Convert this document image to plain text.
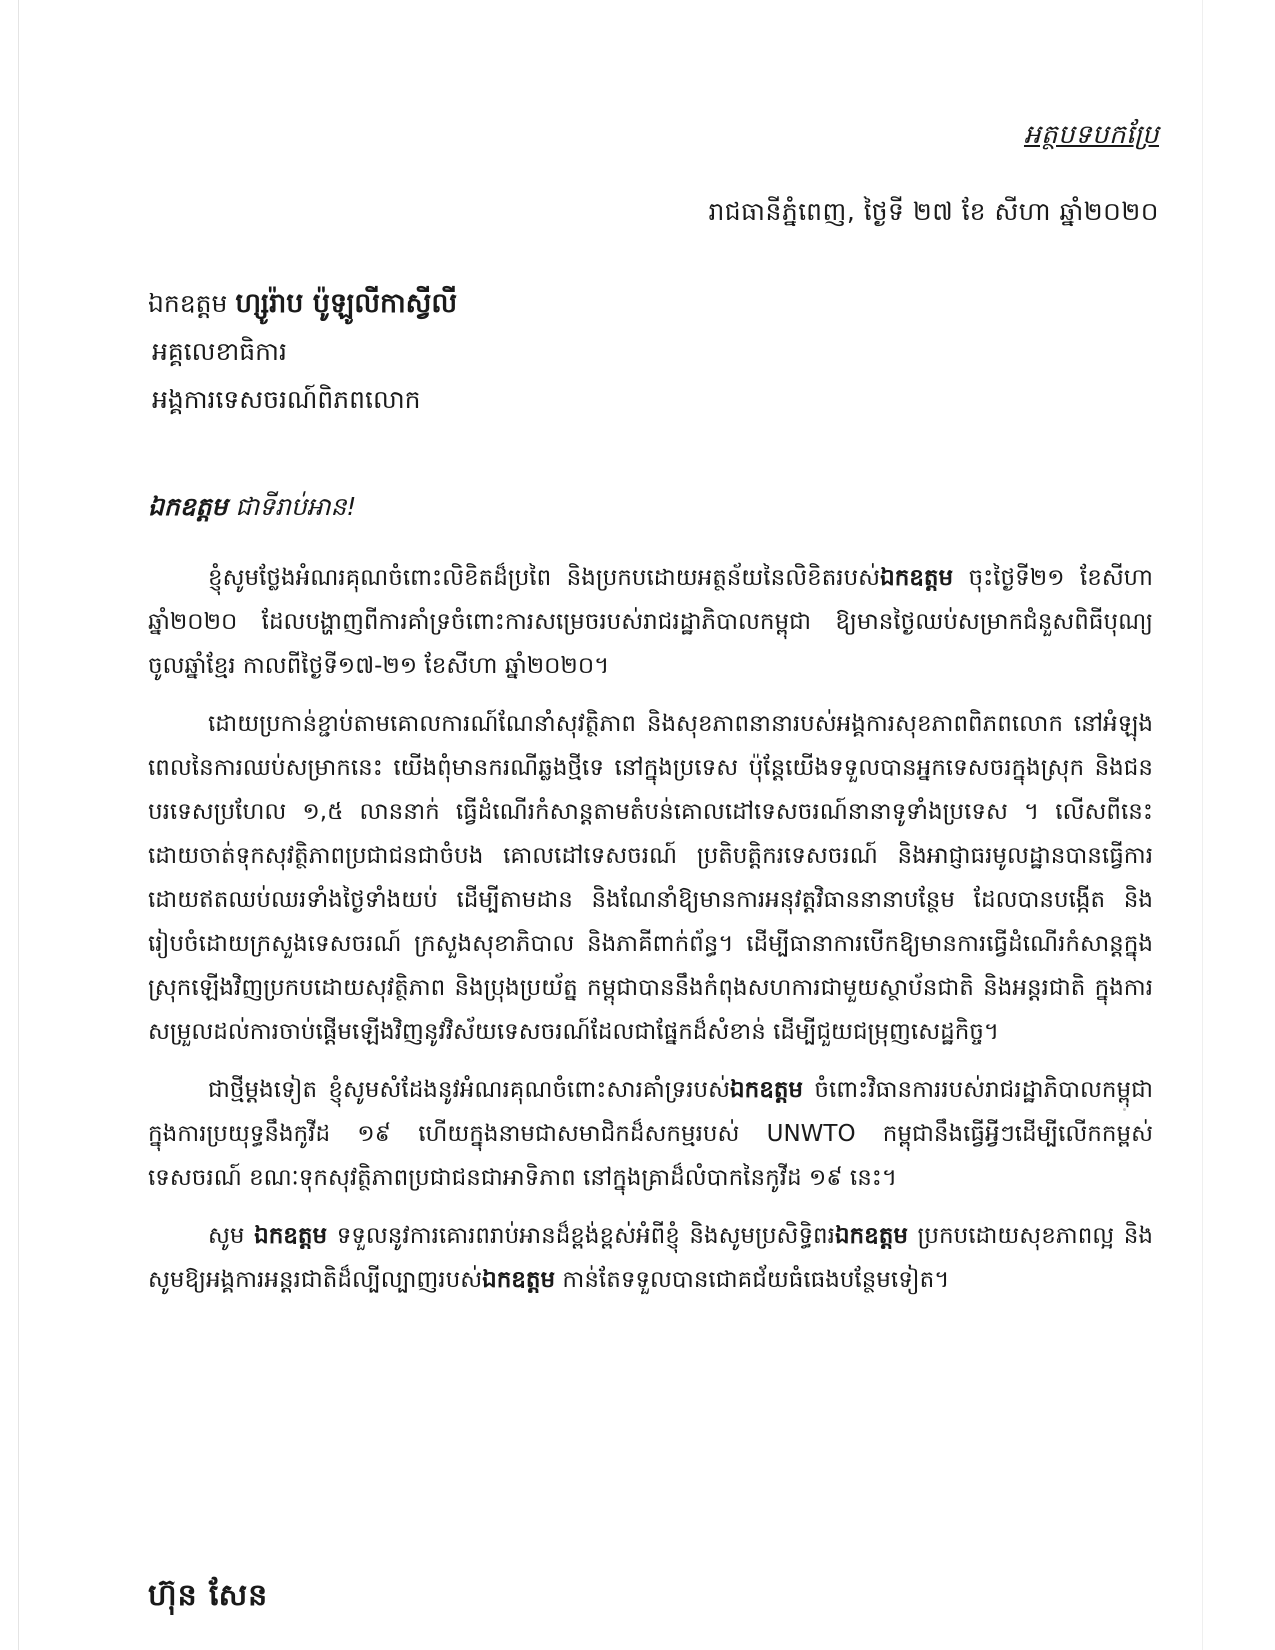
អត្ថបទបកប្រែ
រាជធានីភ្នំពេញ, ថ្ងៃទី ២៧ ខែ សីហា ឆ្នាំ២០២០
ឯកឧត្តម ហ្សូរ៉ាប ប៉ូឡូលីកាស្វីលី
អគ្គលេខាធិការ
អង្គការទេសចរណ៍ពិភពលោក
ឯកឧត្តម ជាទីរាប់អាន!

ខ្ញុំសូមថ្លែងអំណរគុណចំពោះលិខិតដ៏ប្រពៃ និងប្រកបដោយអត្ថន័យនៃលិខិតរបស់ឯកឧត្តម ចុះថ្ងៃទី២១ ខែសីហា ឆ្នាំ២០២០ ដែលបង្ហាញពីការគាំទ្រចំពោះការសម្រេចរបស់រាជរដ្ឋាភិបាលកម្ពុជា ឱ្យមានថ្ងៃឈប់សម្រាកជំនួសពិធីបុណ្យចូលឆ្នាំខ្មែរ កាលពីថ្ងៃទី១៧-២១ ខែសីហា ឆ្នាំ២០២០។

ដោយប្រកាន់ខ្ជាប់តាមគោលការណ៍ណែនាំសុវត្ថិភាព និងសុខភាពនានារបស់អង្គការសុខភាពពិភពលោក នៅអំឡុងពេលនៃការឈប់សម្រាកនេះ យើងពុំមានករណីឆ្លងថ្មីទេ នៅក្នុងប្រទេស ប៉ុន្តែយើងទទួលបានអ្នកទេសចរក្នុងស្រុក និងជនបរទេសប្រហែល ១,៥ លាននាក់ ធ្វើដំណើរកំសាន្តតាមតំបន់គោលដៅទេសចរណ៍នានាទូទាំងប្រទេស ។ លើសពីនេះ ដោយចាត់ទុកសុវត្ថិភាពប្រជាជនជាចំបង គោលដៅទេសចរណ៍ ប្រតិបត្តិករទេសចរណ៍ និងអាជ្ញាធរមូលដ្ឋានបានធ្វើការដោយឥតឈប់ឈរទាំងថ្ងៃទាំងយប់ ដើម្បីតាមដាន និងណែនាំឱ្យមានការអនុវត្តវិធាននានាបន្ថែម ដែលបានបង្កើត និងរៀបចំដោយក្រសួងទេសចរណ៍ ក្រសួងសុខាភិបាល និងភាគីពាក់ព័ន្ធ។ ដើម្បីធានាការបើកឱ្យមានការធ្វើដំណើរកំសាន្តក្នុងស្រុកឡើងវិញប្រកបដោយសុវត្ថិភាព និងប្រុងប្រយ័ត្ន កម្ពុជាបាននឹងកំពុងសហការជាមួយស្ថាប័នជាតិ និងអន្តរជាតិ ក្នុងការសម្រួលដល់ការចាប់ផ្តើមឡើងវិញនូវវិស័យទេសចរណ៍ដែលជាផ្នែកដ៏សំខាន់ ដើម្បីជួយជម្រុញសេដ្ឋកិច្ច។

ជាថ្មីម្តងទៀត ខ្ញុំសូមសំដែងនូវអំណរគុណចំពោះសារគាំទ្ររបស់ឯកឧត្តម ចំពោះវិធានការរបស់រាជរដ្ឋាភិបាលកម្ពុជា ក្នុងការប្រយុទ្ធនឹងកូវីដ ១៩ ហើយក្នុងនាមជាសមាជិកដ៏សកម្មរបស់ UNWTO កម្ពុជានឹងធ្វើអ្វីៗដើម្បីលើកកម្ពស់ទេសចរណ៍ ខណៈទុកសុវត្ថិភាពប្រជាជនជាអាទិភាព នៅក្នុងគ្រាដ៏លំបាកនៃកូវីដ ១៩ នេះ។

សូម ឯកឧត្តម ទទួលនូវការគោរពរាប់អានដ៏ខ្ពង់ខ្ពស់អំពីខ្ញុំ និងសូមប្រសិទ្ធិពរឯកឧត្តម ប្រកបដោយសុខភាពល្អ និងសូមឱ្យអង្គការអន្តរជាតិដ៏ល្បីល្បាញរបស់ឯកឧត្តម កាន់តែទទួលបានជោគជ័យធំធេងបន្ថែមទៀត។

ហ៊ុន សែន
